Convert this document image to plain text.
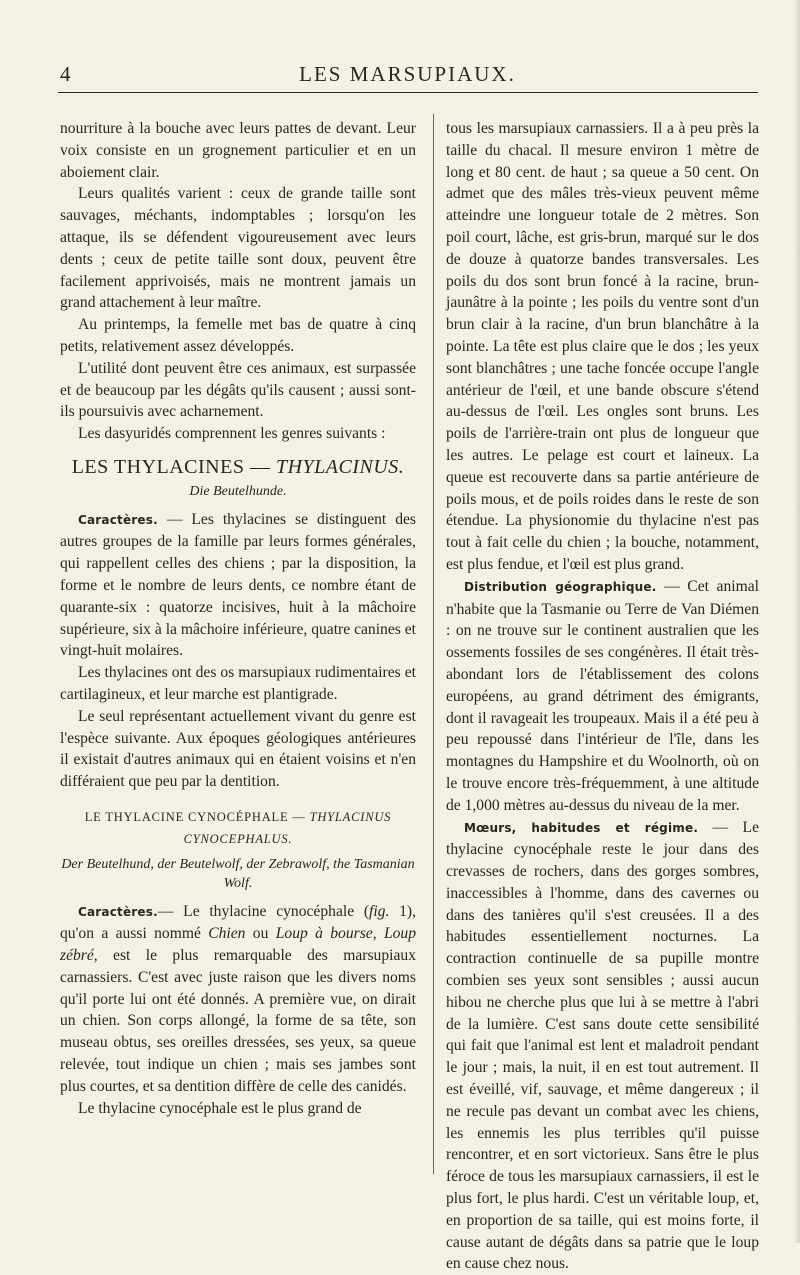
4	LES MARSUPIAUX.

nourriture à la bouche avec leurs pattes de devant. Leur voix consiste en un grognement particulier et en un aboiement clair.

Leurs qualités varient : ceux de grande taille sont sauvages, méchants, indomptables ; lorsqu'on les attaque, ils se défendent vigoureusement avec leurs dents ; ceux de petite taille sont doux, peuvent être facilement apprivoisés, mais ne montrent jamais un grand attachement à leur maître.

Au printemps, la femelle met bas de quatre à cinq petits, relativement assez développés.

L'utilité dont peuvent être ces animaux, est surpassée et de beaucoup par les dégâts qu'ils causent ; aussi sont-ils poursuivis avec acharnement.

Les dasyuridés comprennent les genres suivants :

LES THYLACINES — THYLACINUS.
Die Beutelhunde.

Caractères. — Les thylacines se distinguent des autres groupes de la famille par leurs formes générales, qui rappellent celles des chiens ; par la disposition, la forme et le nombre de leurs dents, ce nombre étant de quarante-six : quatorze incisives, huit à la mâchoire supérieure, six à la mâchoire inférieure, quatre canines et vingt-huit molaires.

Les thylacines ont des os marsupiaux rudimentaires et cartilagineux, et leur marche est plantigrade.

Le seul représentant actuellement vivant du genre est l'espèce suivante. Aux époques géologiques antérieures il existait d'autres animaux qui en étaient voisins et n'en différaient que peu par la dentition.

LE THYLACINE CYNOCÉPHALE — THYLACINUS
CYNOCEPHALUS.
Der Beutelhund, der Beutelwolf, der Zebrawolf, the Tasmanian Wolf.

Caractères.— Le thylacine cynocéphale (fig. 1), qu'on a aussi nommé Chien ou Loup à bourse, Loup zébré, est le plus remarquable des marsupiaux carnassiers. C'est avec juste raison que les divers noms qu'il porte lui ont été donnés. A première vue, on dirait un chien. Son corps allongé, la forme de sa tête, son museau obtus, ses oreilles dressées, ses yeux, sa queue relevée, tout indique un chien ; mais ses jambes sont plus courtes, et sa dentition diffère de celle des canidés.

Le thylacine cynocéphale est le plus grand de

tous les marsupiaux carnassiers. Il a à peu près la taille du chacal. Il mesure environ 1 mètre de long et 80 cent. de haut ; sa queue a 50 cent. On admet que des mâles très-vieux peuvent même atteindre une longueur totale de 2 mètres. Son poil court, lâche, est gris-brun, marqué sur le dos de douze à quatorze bandes transversales. Les poils du dos sont brun foncé à la racine, brun-jaunâtre à la pointe ; les poils du ventre sont d'un brun clair à la racine, d'un brun blanchâtre à la pointe. La tête est plus claire que le dos ; les yeux sont blanchâtres ; une tache foncée occupe l'angle antérieur de l'œil, et une bande obscure s'étend au-dessus de l'œil. Les ongles sont bruns. Les poils de l'arrière-train ont plus de longueur que les autres. Le pelage est court et laineux. La queue est recouverte dans sa partie antérieure de poils mous, et de poils roides dans le reste de son étendue. La physionomie du thylacine n'est pas tout à fait celle du chien ; la bouche, notamment, est plus fendue, et l'œil est plus grand.

Distribution géographique. — Cet animal n'habite que la Tasmanie ou Terre de Van Diémen : on ne trouve sur le continent australien que les ossements fossiles de ses congénères. Il était très-abondant lors de l'établissement des colons européens, au grand détriment des émigrants, dont il ravageait les troupeaux. Mais il a été peu à peu repoussé dans l'intérieur de l'île, dans les montagnes du Hampshire et du Woolnorth, où on le trouve encore très-fréquemment, à une altitude de 1,000 mètres au-dessus du niveau de la mer.

Mœurs, habitudes et régime. — Le thylacine cynocéphale reste le jour dans des crevasses de rochers, dans des gorges sombres, inaccessibles à l'homme, dans des cavernes ou dans des tanières qu'il s'est creusées. Il a des habitudes essentiellement nocturnes. La contraction continuelle de sa pupille montre combien ses yeux sont sensibles ; aussi aucun hibou ne cherche plus que lui à se mettre à l'abri de la lumière. C'est sans doute cette sensibilité qui fait que l'animal est lent et maladroit pendant le jour ; mais, la nuit, il en est tout autrement. Il est éveillé, vif, sauvage, et même dangereux ; il ne recule pas devant un combat avec les chiens, les ennemis les plus terribles qu'il puisse rencontrer, et en sort victorieux. Sans être le plus féroce de tous les marsupiaux carnassiers, il est le plus fort, le plus hardi. C'est un véritable loup, et, en proportion de sa taille, qui est moins forte, il cause autant de dégâts dans sa patrie que le loup en cause chez nous.
